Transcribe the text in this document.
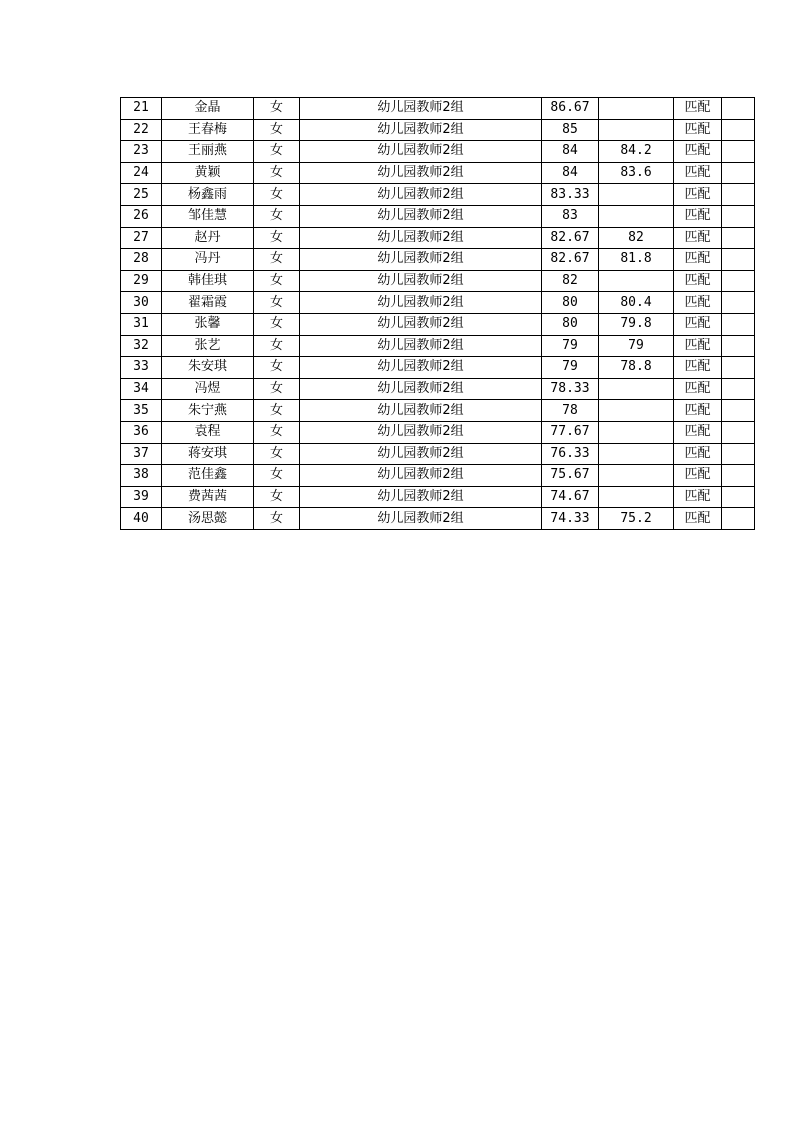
21	金晶	女	幼儿园教师2组	86.67		匹配	
22	王春梅	女	幼儿园教师2组	85		匹配	
23	王丽燕	女	幼儿园教师2组	84	84.2	匹配	
24	黄颖	女	幼儿园教师2组	84	83.6	匹配	
25	杨鑫雨	女	幼儿园教师2组	83.33		匹配	
26	邹佳慧	女	幼儿园教师2组	83		匹配	
27	赵丹	女	幼儿园教师2组	82.67	82	匹配	
28	冯丹	女	幼儿园教师2组	82.67	81.8	匹配	
29	韩佳琪	女	幼儿园教师2组	82		匹配	
30	翟霜霞	女	幼儿园教师2组	80	80.4	匹配	
31	张馨	女	幼儿园教师2组	80	79.8	匹配	
32	张艺	女	幼儿园教师2组	79	79	匹配	
33	朱安琪	女	幼儿园教师2组	79	78.8	匹配	
34	冯煜	女	幼儿园教师2组	78.33		匹配	
35	朱宁燕	女	幼儿园教师2组	78		匹配	
36	袁程	女	幼儿园教师2组	77.67		匹配	
37	蒋安琪	女	幼儿园教师2组	76.33		匹配	
38	范佳鑫	女	幼儿园教师2组	75.67		匹配	
39	费茜茜	女	幼儿园教师2组	74.67		匹配	
40	汤思懿	女	幼儿园教师2组	74.33	75.2	匹配	
